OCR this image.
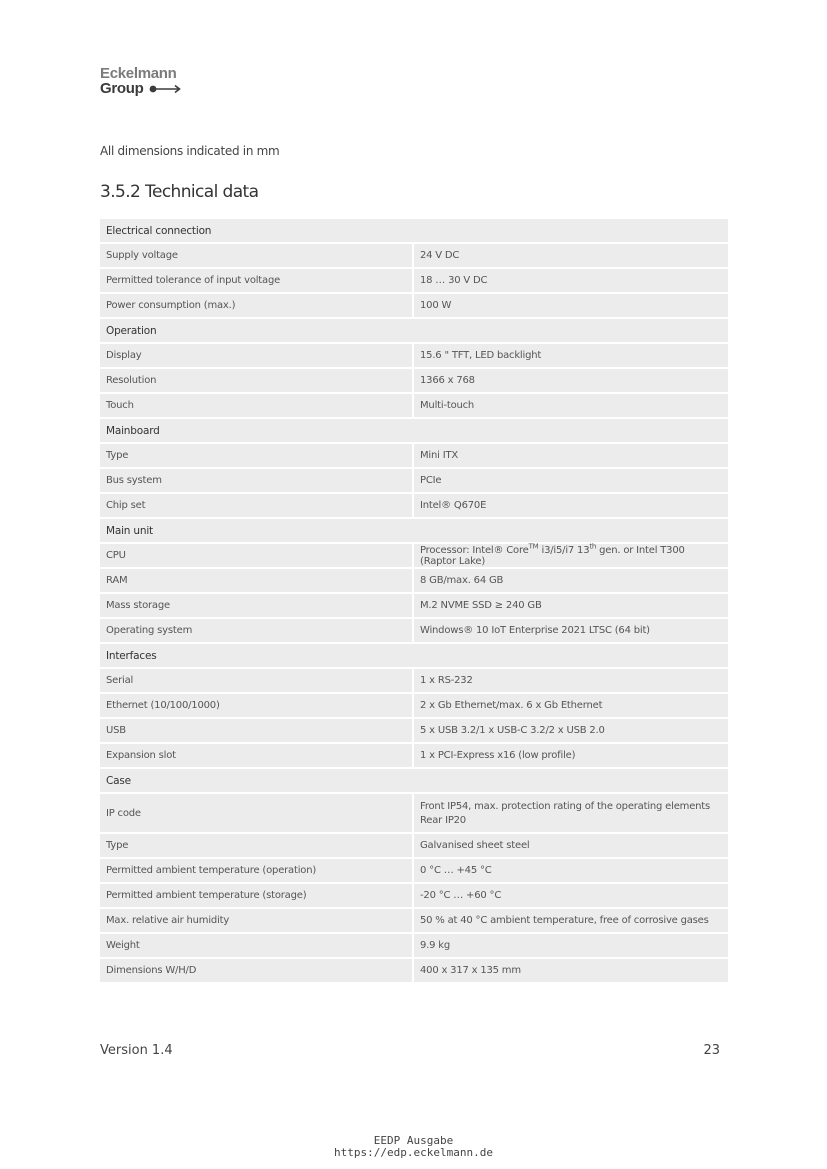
Eckelmann
Group
All dimensions indicated in mm
3.5.2 Technical data
Electrical connection	
Supply voltage	24 V DC
Permitted tolerance of input voltage	18 … 30 V DC
Power consumption (max.)	100 W
Operation	
Display	15.6 " TFT, LED backlight
Resolution	1366 x 768
Touch	Multi-touch
Mainboard	
Type	Mini ITX
Bus system	PCIe
Chip set	Intel® Q670E
Main unit	
CPU	Processor: Intel® Core™ i3/i5/i7 13th gen. or Intel T300 (Raptor Lake)
RAM	8 GB/max. 64 GB
Mass storage	M.2 NVME SSD ≥ 240 GB
Operating system	Windows® 10 IoT Enterprise 2021 LTSC (64 bit)
Interfaces	
Serial	1 x RS-232
Ethernet (10/100/1000)	2 x Gb Ethernet/max. 6 x Gb Ethernet
USB	5 x USB 3.2/1 x USB-C 3.2/2 x USB 2.0
Expansion slot	1 x PCI-Express x16 (low profile)
Case	
IP code	Front IP54, max. protection rating of the operating elements
Rear IP20

Type	Galvanised sheet steel
Permitted ambient temperature (operation)	0 °C … +45 °C
Permitted ambient temperature (storage)	-20 °C … +60 °C
Max. relative air humidity	50 % at 40 °C ambient temperature, free of corrosive gases
Weight	9.9 kg
Dimensions W/H/D	400 x 317 x 135 mm
Version 1.4	23
EEDP Ausgabe
https://edp.eckelmann.de
